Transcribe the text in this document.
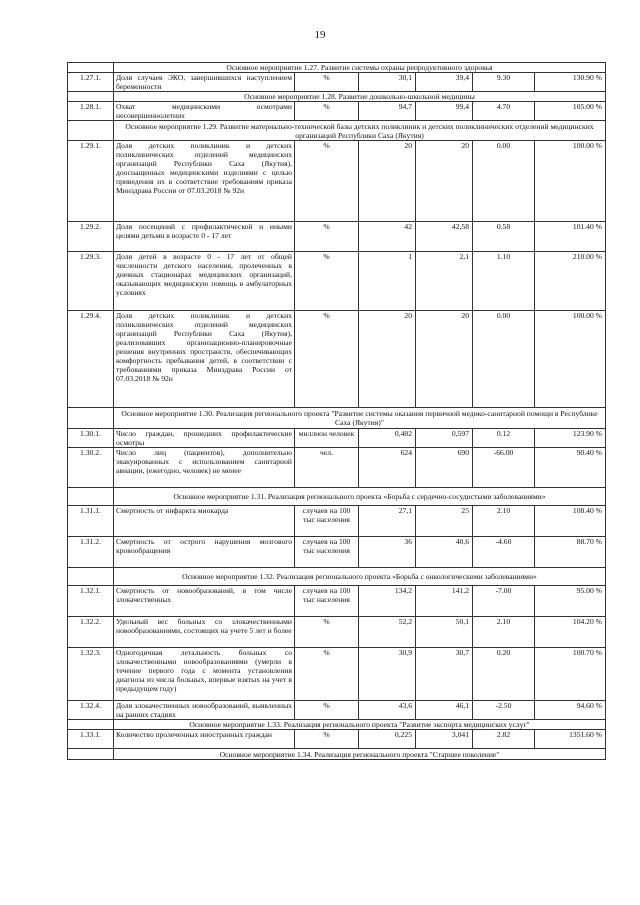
19
	Основное мероприятие 1.27. Развитие системы охраны репродуктивного здоровья					
1.27.1.	Доля случаев ЭКО, завершившихся наступлением беременности	%	30,1	39,4	9.30	130.90 %
	Основное мероприятие 1.28. Развитие дошкольно-школьной медицины					
1.28.1.	Охват медицинскими осмотрами несовершеннолетних	%	94,7	99,4	4.70	105.00 %
	Основное мероприятие 1.29. Развитие материально-технической базы детских поликлиник и детских поликлинических отделений медицинских организаций Республики Саха (Якутия)					
1.29.1.	Доля детских поликлиник и детских поликлинических отделений медицинских организаций Республики Саха (Якутия), дооснащенных медицинскими изделиями с целью приведения их в соответствие требованиям приказа Минздрава России от 07.03.2018 № 92н	%	20	20	0.00	100.00 %
1.29.2.	Доля посещений с профилактической и иными целями детьми в возрасте 0 - 17 лет	%	42	42,58	0.58	101.40 %
1.29.3.	Доля детей в возрасте 0 - 17 лет от общей численности детского населения, пролеченных в дневных стационарах медицинских организаций, оказывающих медицинскую помощь в амбулаторных условиях	%	1	2,1	1.10	210.00 %
1.29.4.	Доля детских поликлиник и детских поликлинических отделений медицинских организаций Республики Саха (Якутия), реализовавших организационно-планировочные решения внутренних пространств, обеспечивающих комфортность пребывания детей, в соответствии с требованиями приказа Минздрава России от 07.03.2018 № 92н	%	20	20	0.00	100.00 %
	Основное мероприятие 1.30. Реализация регионального проекта "Развитие системы оказания первичной медико-санитарной помощи в Республике Саха (Якутия)"					
1.30.1.	Число граждан, прошедших профилактические осмотры	миллион человек	0,482	0,597	0.12	123.90 %
1.30.2.	Число лиц (пациентов), дополнительно эвакуированных с использованием санитарной авиации, (ежегодно, человек) не менее	чел.	624	690	-66.00	90.40 %
	Основное мероприятие 1.31. Реализация регионального проекта «Борьба с сердечно-сосудистыми заболеваниями»					
1.31.1.	Смертность от инфаркта миокарда	случаев на 100 тыс населения	27,1	25	2.10	108.40 %
1.31.2.	Смертность от острого нарушения мозгового кровообращения	случаев на 100 тыс населения	36	40,6	-4.60	88.70 %
	Основное мероприятие 1.32. Реализация регионального проекта «Борьба с онкологическими заболеваниями»					
1.32.1.	Смертность от новообразований, в том числе злокачественных	случаев на 100 тыс населения	134,2	141,2	-7.00	95.00 %
1.32.2.	Удельный вес больных со злокачественными новообразованиями, состоящих на учете 5 лет и более	%	52,2	50,1	2.10	104.20 %
1.32.3.	Одногодичная летальность больных со злокачественными новообразованиями (умерли в течение первого года с момента установления диагноза из числа больных, впервые взятых на учет в предыдущем году)	%	30,9	30,7	0.20	100.70 %
1.32.4.	Доля злокачественных новообразований, выявленных на ранних стадиях	%	43,6	46,1	-2.50	94.60 %
	Основное мероприятие 1.33. Реализация регионального проекта "Развитие экспорта медицинских услуг"					
1.33.1.	Количество пролеченных иностранных граждан	%	0,225	3,041	2.82	1351.60 %
	Основное мероприятие 1.34. Реализация регионального проекта "Старшее поколение"					
